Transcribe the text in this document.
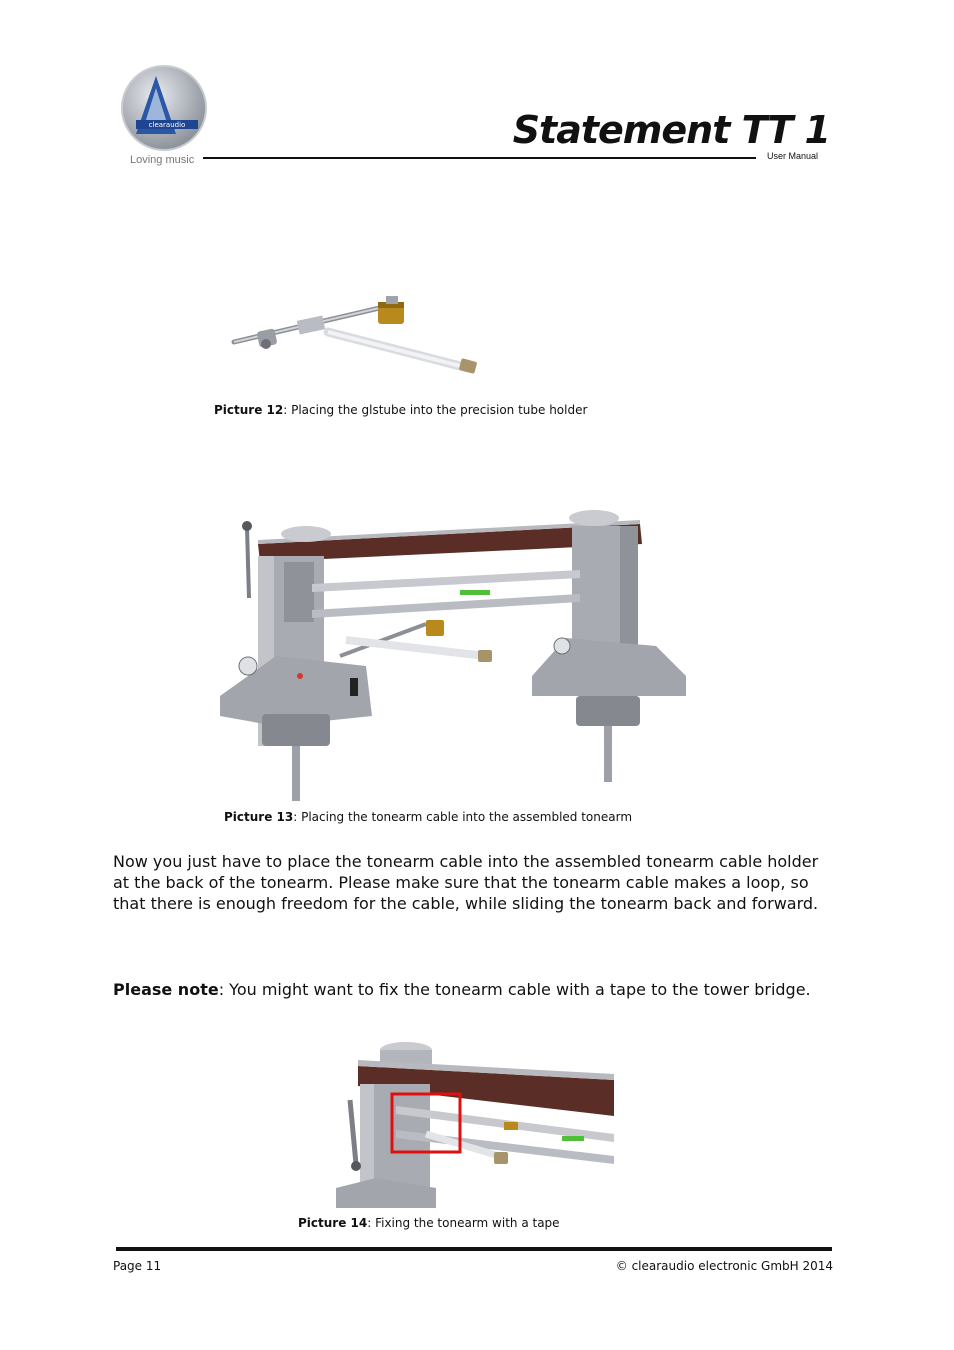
clearaudio
Loving music
Statement TT 1
User Manual
Picture 12: Placing the glstube into the precision tube holder
Picture 13: Placing the tonearm cable into the assembled tonearm
Now you just have to place the tonearm cable into the assembled tonearm cable holder at the back of the tonearm. Please make sure that the tonearm cable makes a loop, so that there is enough freedom for the cable, while sliding the tonearm back and forward.
Please note: You might want to fix the tonearm cable with a tape to the tower bridge.
Picture 14: Fixing the tonearm with a tape
Page 11	© clearaudio electronic GmbH 2014
